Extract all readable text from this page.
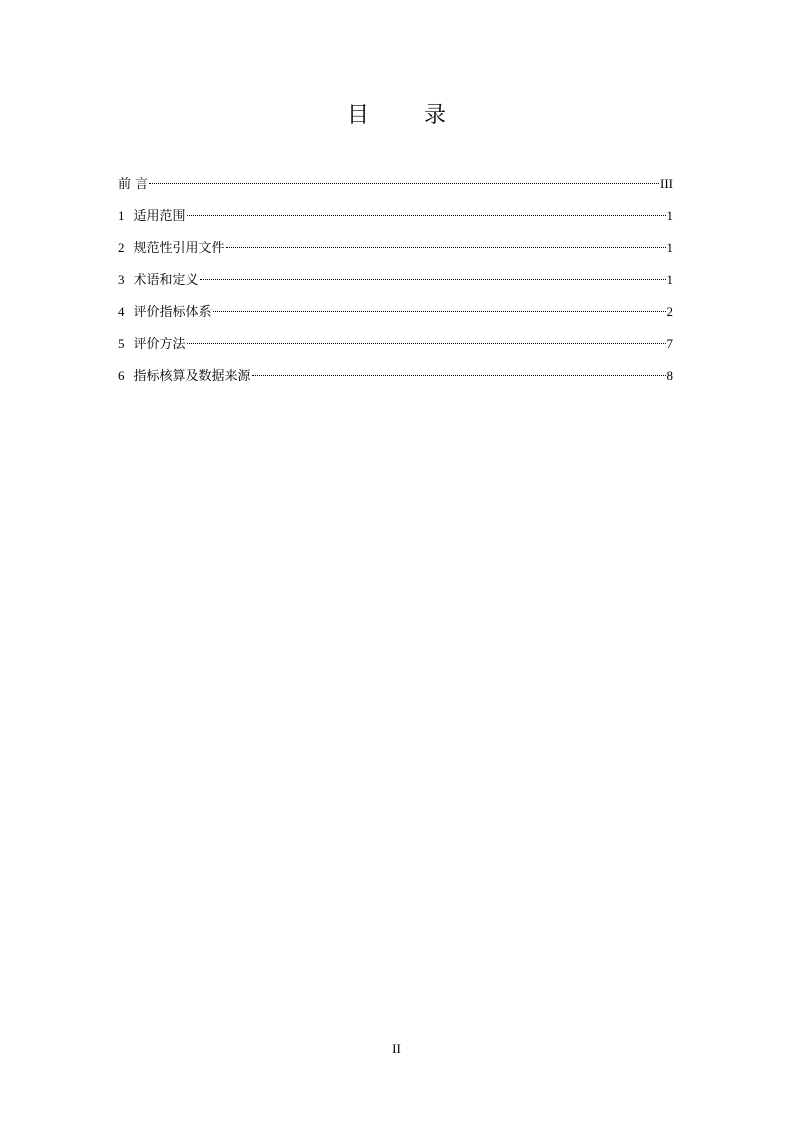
目 录
前 言	III
1 适用范围	1
2 规范性引用文件	1
3 术语和定义	1
4 评价指标体系	2
5 评价方法	7
6 指标核算及数据来源	8
II
